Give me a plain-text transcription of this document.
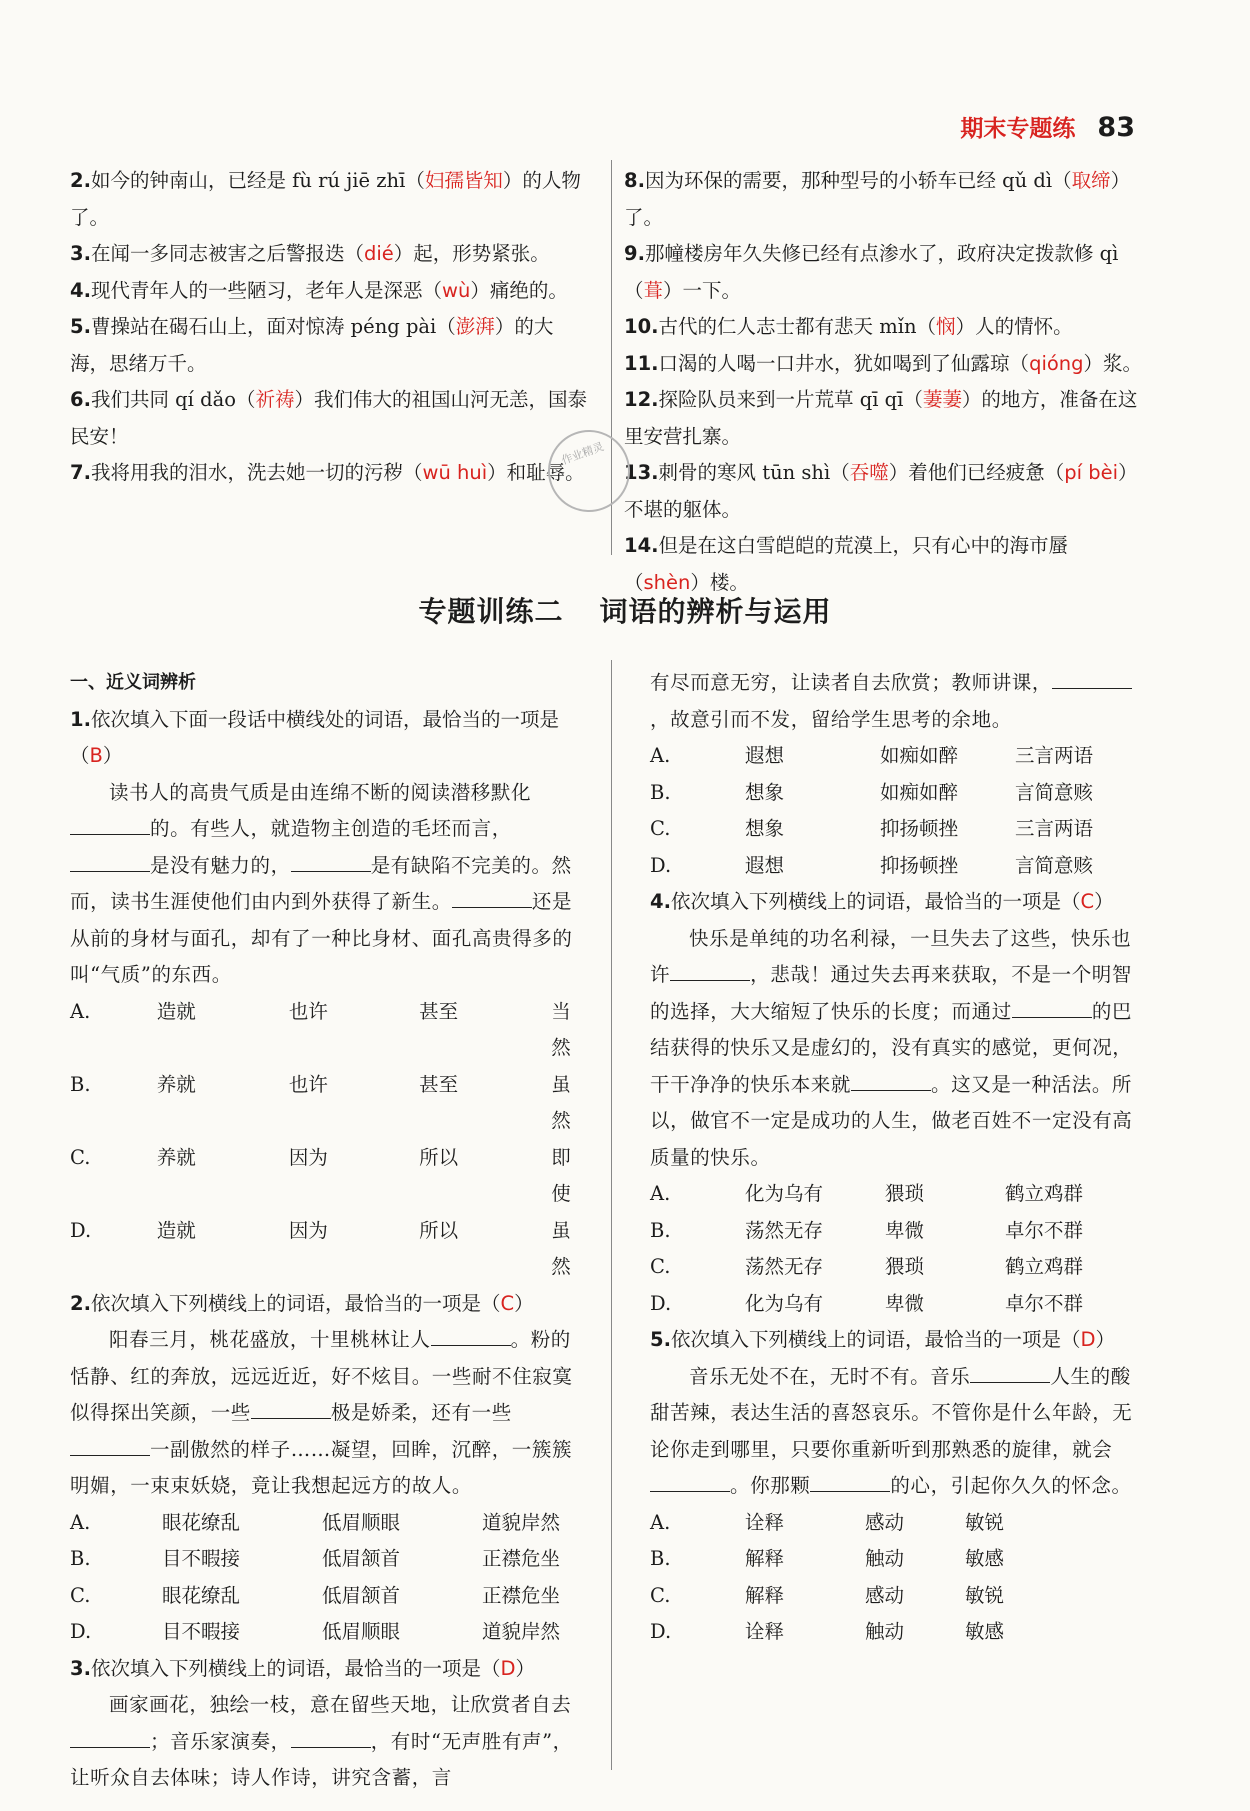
期末专题练 83
2.如今的钟南山，已经是 fù rú jiē zhī（妇孺皆知）的人物了。
3.在闻一多同志被害之后警报迭（dié）起，形势紧张。
4.现代青年人的一些陋习，老年人是深恶（wù）痛绝的。
5.曹操站在碣石山上，面对惊涛 péng pài（澎湃）的大海，思绪万千。
6.我们共同 qí dǎo（祈祷）我们伟大的祖国山河无恙，国泰民安！
7.我将用我的泪水，洗去她一切的污秽（wū huì）和耻辱。
8.因为环保的需要，那种型号的小轿车已经 qǔ dì（取缔）了。
9.那幢楼房年久失修已经有点渗水了，政府决定拨款修 qì（葺）一下。
10.古代的仁人志士都有悲天 mǐn（悯）人的情怀。
11.口渴的人喝一口井水，犹如喝到了仙露琼（qióng）浆。
12.探险队员来到一片荒草 qī qī（萋萋）的地方，准备在这里安营扎寨。
13.刺骨的寒风 tūn shì（吞噬）着他们已经疲惫（pí bèi）不堪的躯体。
14.但是在这白雪皑皑的荒漠上，只有心中的海市蜃（shèn）楼。
作业精灵
专题训练二 词语的辨析与运用
一、近义词辨析
1.依次填入下面一段话中横线处的词语，最恰当的一项是（B）
读书人的高贵气质是由连绵不断的阅读潜移默化的。有些人，就造物主创造的毛坯而言，是没有魅力的，	是有缺陷不完美的。然而，读书生涯使他们由内到外获得了新生。	还是从前的身材与面孔，却有了一种比身材、面孔高贵得多的叫“气质”的东西。
A.	造就	也许	甚至	当然
B.	养就	也许	甚至	虽然
C.	养就	因为	所以	即使
D.	造就	因为	所以	虽然
2.依次填入下列横线上的词语，最恰当的一项是（C）
阳春三月，桃花盛放，十里桃林让人	。粉的恬静、红的奔放，远远近近，好不炫目。一些耐不住寂寞似得探出笑颜，一些	极是娇柔，还有一些一副傲然的样子……凝望，回眸，沉醉，一簇簇明媚，一束束妖娆，竟让我想起远方的故人。
A.	眼花缭乱	低眉顺眼	道貌岸然
B.	目不暇接	低眉颔首	正襟危坐
C.	眼花缭乱	低眉颔首	正襟危坐
D.	目不暇接	低眉顺眼	道貌岸然
3.依次填入下列横线上的词语，最恰当的一项是（D）
画家画花，独绘一枝，意在留些天地，让欣赏者自去；音乐家演奏，	，有时“无声胜有声”，让听众自去体味；诗人作诗，讲究含蓄，言
有尽而意无穷，让读者自去欣赏；教师讲课，，故意引而不发，留给学生思考的余地。
A.	遐想	如痴如醉	三言两语
B.	想象	如痴如醉	言简意赅
C.	想象	抑扬顿挫	三言两语
D.	遐想	抑扬顿挫	言简意赅
4.依次填入下列横线上的词语，最恰当的一项是（C）
快乐是单纯的功名利禄，一旦失去了这些，快乐也许	，悲哉！通过失去再来获取，不是一个明智的选择，大大缩短了快乐的长度；而通过	的巴结获得的快乐又是虚幻的，没有真实的感觉，更何况，干干净净的快乐本来就	。这又是一种活法。所以，做官不一定是成功的人生，做老百姓不一定没有高质量的快乐。
A.	化为乌有	猥琐	鹤立鸡群
B.	荡然无存	卑微	卓尔不群
C.	荡然无存	猥琐	鹤立鸡群
D.	化为乌有	卑微	卓尔不群
5.依次填入下列横线上的词语，最恰当的一项是（D）
音乐无处不在，无时不有。音乐	人生的酸甜苦辣，表达生活的喜怒哀乐。不管你是什么年龄，无论你走到哪里，只要你重新听到那熟悉的旋律，就会。你那颗	的心，引起你久久的怀念。
A.	诠释	感动	敏锐
B.	解释	触动	敏感
C.	解释	感动	敏锐
D.	诠释	触动	敏感
